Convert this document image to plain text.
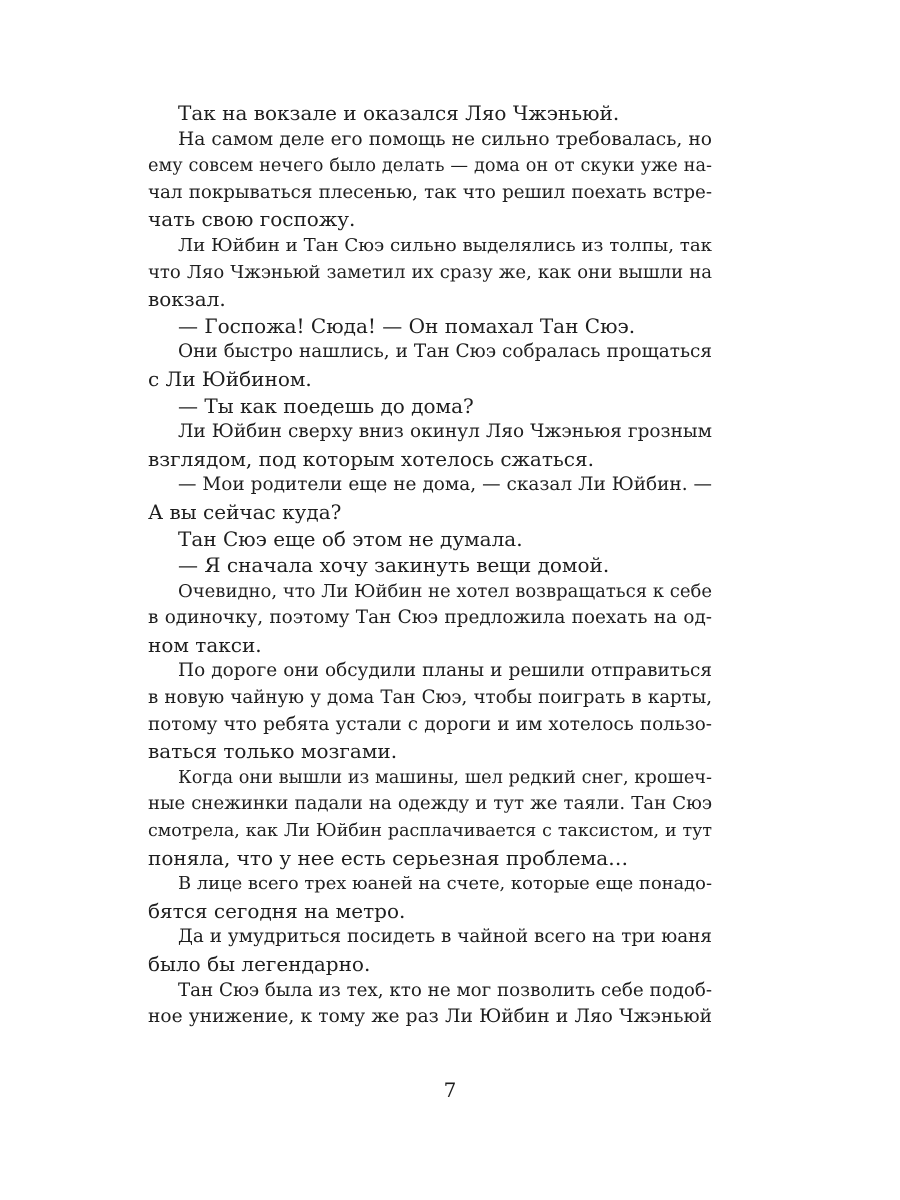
Так на вокзале и оказался Ляо Чжэньюй.
На самом деле его помощь не сильно требовалась, но
ему совсем нечего было делать — дома он от скуки уже на-
чал покрываться плесенью, так что решил поехать встре-
чать свою госпожу.
Ли Юйбин и Тан Сюэ сильно выделялись из толпы, так
что Ляо Чжэньюй заметил их сразу же, как они вышли на
вокзал.
— Госпожа! Сюда! — Он помахал Тан Сюэ.
Они быстро нашлись, и Тан Сюэ собралась прощаться
с Ли Юйбином.
— Ты как поедешь до дома?
Ли Юйбин сверху вниз окинул Ляо Чжэньюя грозным
взглядом, под которым хотелось сжаться.
— Мои родители еще не дома, — сказал Ли Юйбин. —
А вы сейчас куда?
Тан Сюэ еще об этом не думала.
— Я сначала хочу закинуть вещи домой.
Очевидно, что Ли Юйбин не хотел возвращаться к себе
в одиночку, поэтому Тан Сюэ предложила поехать на од-
ном такси.
По дороге они обсудили планы и решили отправиться
в новую чайную у дома Тан Сюэ, чтобы поиграть в карты,
потому что ребята устали с дороги и им хотелось пользо-
ваться только мозгами.
Когда они вышли из машины, шел редкий снег, крошеч-
ные снежинки падали на одежду и тут же таяли. Тан Сюэ
смотрела, как Ли Юйбин расплачивается с таксистом, и тут
поняла, что у нее есть серьезная проблема…
В лице всего трех юаней на счете, которые еще понадо-
бятся сегодня на метро.
Да и умудриться посидеть в чайной всего на три юаня
было бы легендарно.
Тан Сюэ была из тех, кто не мог позволить себе подоб-
ное унижение, к тому же раз Ли Юйбин и Ляо Чжэньюй
7
